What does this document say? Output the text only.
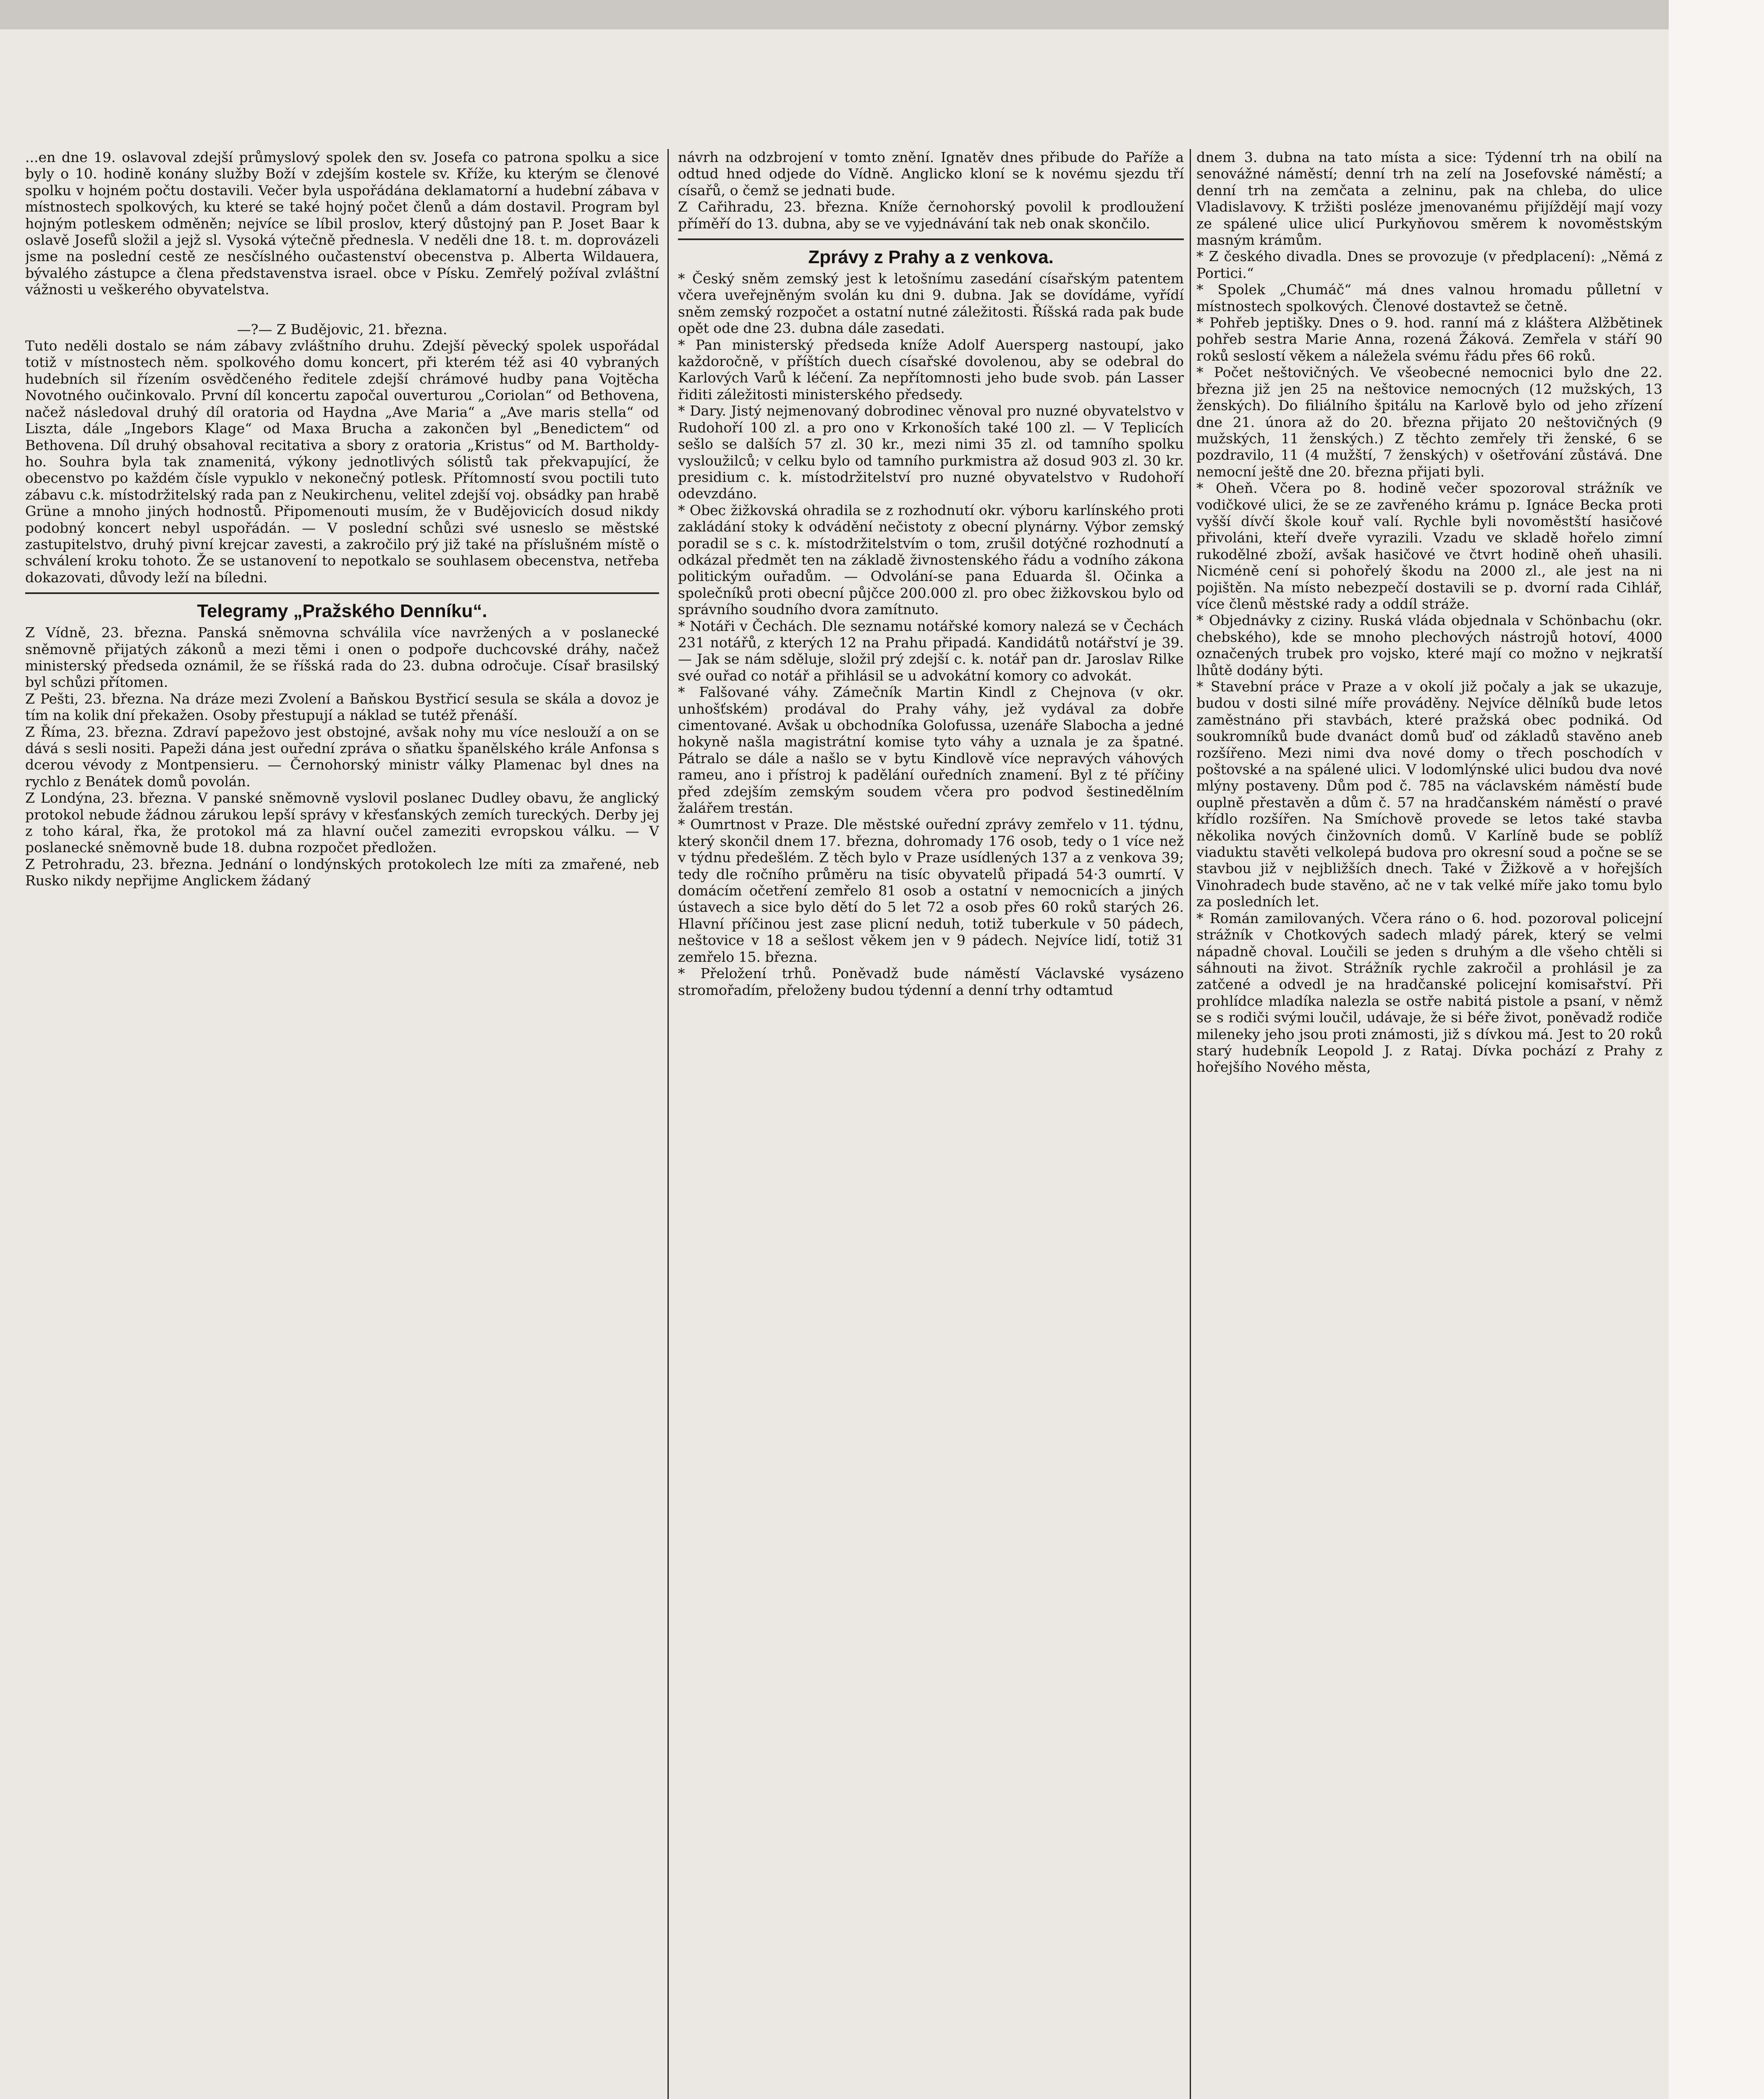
...en dne 19. oslavoval zdejší průmyslový spolek den sv. Josefa co patrona spolku a sice byly o 10. hodině konány služby Boží v zdejším kostele sv. Kříže, ku kterým se členové spolku v hojném počtu dostavili. Večer byla uspořádána deklamatorní a hudební zábava v místnostech spolkových, ku které se také hojný počet členů a dám dostavil. Program byl hojným potleskem odměněn; nejvíce se líbil proslov, který důstojný pan P. Joset Baar k oslavě Josefů složil a jejž sl. Vysoká výtečně přednesla. V neděli dne 18. t. m. doprovázeli jsme na poslední cestě ze nesčíslného oučastenství obecenstva p. Alberta Wildauera, bývalého zástupce a člena představenstva israel. obce v Písku. Zemřelý požíval zvláštní vážnosti u veškerého obyvatelstva.

—?— Z Budějovic, 21. března.

Tuto neděli dostalo se nám zábavy zvláštního druhu. Zdejší pěvecký spolek uspořádal totiž v místnostech něm. spolkového domu koncert, při kterém též asi 40 vybraných hudebních sil řízením osvědčeného ředitele zdejší chrámové hudby pana Vojtěcha Novotného oučinkovalo. První díl koncertu započal ouverturou „Coriolan“ od Bethovena, načež následoval druhý díl oratoria od Haydna „Ave Maria“ a „Ave maris stella“ od Liszta, dále „Ingebors Klage“ od Maxa Brucha a zakončen byl „Benedictem“ od Bethovena. Díl druhý obsahoval recitativa a sbory z oratoria „Kristus“ od M. Bartholdy-ho. Souhra byla tak znamenitá, výkony jednotlivých sólistů tak překvapující, že obecenstvo po každém čísle vypuklo v nekonečný potlesk. Přítomností svou poctili tuto zábavu c.k. místodržitelský rada pan z Neukirchenu, velitel zdejší voj. obsádky pan hrabě Grüne a mnoho jiných hodnostů. Připomenouti musím, že v Budějovicích dosud nikdy podobný koncert nebyl uspořádán. — V poslední schůzi své usneslo se městské zastupitelstvo, druhý pivní krejcar zavesti, a zakročilo prý již také na příslušném místě o schválení kroku tohoto. Že se ustanovení to nepotkalo se souhlasem obecenstva, netřeba dokazovati, důvody leží na bíledni.

Telegramy „Pražského Denníku“.

Z Vídně, 23. března. Panská sněmovna schválila více navržených a v poslanecké sněmovně přijatých zákonů a mezi těmi i onen o podpoře duchcovské dráhy, načež ministerský předseda oznámil, že se říšská rada do 23. dubna odročuje. Císař brasilský byl schůzi přítomen.

Z Pešti, 23. března. Na dráze mezi Zvolení a Baňskou Bystřicí sesula se skála a dovoz je tím na kolik dní překažen. Osoby přestupují a náklad se tutéž přenáší.

Z Říma, 23. března. Zdraví papežovo jest obstojné, avšak nohy mu více neslouží a on se dává s sesli nositi. Papeži dána jest ouřední zpráva o sňatku španělského krále Anfonsa s dcerou vévody z Montpensieru. — Černohorský ministr války Plamenac byl dnes na rychlo z Benátek domů povolán.

Z Londýna, 23. března. V panské sněmovně vyslovil poslanec Dudley obavu, že anglický protokol nebude žádnou zárukou lepší správy v křesťanských zemích tureckých. Derby jej z toho káral, řka, že protokol má za hlavní oučel zameziti evropskou válku. — V poslanecké sněmovně bude 18. dubna rozpočet předložen.

Z Petrohradu, 23. března. Jednání o londýnských protokolech lze míti za zmařené, neb Rusko nikdy nepřijme Anglickem žádaný

návrh na odzbrojení v tomto znění. Ignatěv dnes přibude do Paříže a odtud hned odjede do Vídně. Anglicko kloní se k novému sjezdu tří císařů, o čemž se jednati bude.

Z Cařihradu, 23. března. Kníže černohorský povolil k prodloužení příměří do 13. dubna, aby se ve vyjednávání tak neb onak skončilo.

Zprávy z Prahy a z venkova.

* Český sněm zemský jest k letošnímu zasedání císařským patentem včera uveřejněným svolán ku dni 9. dubna. Jak se dovídáme, vyřídí sněm zemský rozpočet a ostatní nutné záležitosti. Říšská rada pak bude opět ode dne 23. dubna dále zasedati.

* Pan ministerský předseda kníže Adolf Auersperg nastoupí, jako každoročně, v příštích duech císařské dovolenou, aby se odebral do Karlových Varů k léčení. Za nepřítomnosti jeho bude svob. pán Lasser řiditi záležitosti ministerského předsedy.

* Dary. Jistý nejmenovaný dobrodinec věnoval pro nuzné obyvatelstvo v Rudohoří 100 zl. a pro ono v Krkonoších také 100 zl. — V Teplicích sešlo se dalších 57 zl. 30 kr., mezi nimi 35 zl. od tamního spolku vysloužilců; v celku bylo od tamního purkmistra až dosud 903 zl. 30 kr. presidium c. k. místodržitelství pro nuzné obyvatelstvo v Rudohoří odevzdáno.

* Obec žižkovská ohradila se z rozhodnutí okr. výboru karlínského proti zakládání stoky k odvádění nečistoty z obecní plynárny. Výbor zemský poradil se s c. k. místodržitelstvím o tom, zrušil dotýčné rozhodnutí a odkázal předmět ten na základě živnostenského řádu a vodního zákona politickým ouřadům. — Odvolání-se pana Eduarda šl. Očinka a společníků proti obecní půjčce 200.000 zl. pro obec žižkovskou bylo od správního soudního dvora zamítnuto.

* Notáři v Čechách. Dle seznamu notářské komory nalezá se v Čechách 231 notářů, z kterých 12 na Prahu připadá. Kandidátů notářství je 39. — Jak se nám sděluje, složil prý zdejší c. k. notář pan dr. Jaroslav Rilke své ouřad co notář a přihlásil se u advokátní komory co advokát.

* Falšované váhy. Zámečník Martin Kindl z Chejnova (v okr. unhošťském) prodával do Prahy váhy, jež vydával za dobře cimentované. Avšak u obchodníka Golofussa, uzenáře Slabocha a jedné hokyně našla magistrátní komise tyto váhy a uznala je za špatné. Pátralo se dále a našlo se v bytu Kindlově více nepravých váhových rameu, ano i přístroj k padělání ouředních znamení. Byl z té příčiny před zdejším zemským soudem včera pro podvod šestinedělním žalářem trestán.

* Oumrtnost v Praze. Dle městské ouřední zprávy zemřelo v 11. týdnu, který skončil dnem 17. března, dohromady 176 osob, tedy o 1 více než v týdnu předešlém. Z těch bylo v Praze usídlených 137 a z venkova 39; tedy dle ročního průměru na tisíc obyvatelů připadá 54·3 oumrtí. V domácím očetření zemřelo 81 osob a ostatní v nemocnicích a jiných ústavech a sice bylo dětí do 5 let 72 a osob přes 60 roků starých 26. Hlavní příčinou jest zase plicní neduh, totiž tuberkule v 50 pádech, neštovice v 18 a sešlost věkem jen v 9 pádech. Nejvíce lidí, totiž 31 zemřelo 15. března.

* Přeložení trhů. Poněvadž bude náměstí Václavské vysázeno stromořadím, přeloženy budou týdenní a denní trhy odtamtud

dnem 3. dubna na tato místa a sice: Týdenní trh na obilí na senovážné náměstí; denní trh na zelí na Josefovské náměstí; a denní trh na zemčata a zelninu, pak na chleba, do ulice Vladislavovy. K tržišti posléze jmenovanému přijíždějí mají vozy ze spálené ulice ulicí Purkyňovou směrem k novoměstským masným krámům.

* Z českého divadla. Dnes se provozuje (v předplacení): „Němá z Portici.“

* Spolek „Chumáč“ má dnes valnou hromadu půlletní v místnostech spolkových. Členové dostavtež se četně.

* Pohřeb jeptišky. Dnes o 9. hod. ranní má z kláštera Alžbětinek pohřeb sestra Marie Anna, rozená Žáková. Zemřela v stáří 90 roků seslostí věkem a náležela svému řádu přes 66 roků.

* Počet neštovičných. Ve všeobecné nemocnici bylo dne 22. března již jen 25 na neštovice nemocných (12 mužských, 13 ženských). Do filiálního špitálu na Karlově bylo od jeho zřízení dne 21. února až do 20. března přijato 20 neštovičných (9 mužských, 11 ženských.) Z těchto zemřely tři ženské, 6 se pozdravilo, 11 (4 mužští, 7 ženských) v ošetřování zůstává. Dne nemocní ještě dne 20. března přijati byli.

* Oheň. Včera po 8. hodině večer spozoroval strážník ve vodičkové ulici, že se ze zavřeného krámu p. Ignáce Becka proti vyšší dívčí škole kouř valí. Rychle byli novoměstští hasičové přivoláni, kteří dveře vyrazili. Vzadu ve skladě hořelo zimní rukodělné zboží, avšak hasičové ve čtvrt hodině oheň uhasili. Nicméně cení si pohořelý škodu na 2000 zl., ale jest na ni pojištěn. Na místo nebezpečí dostavili se p. dvorní rada Cihlář, více členů městské rady a oddíl stráže.

* Objednávky z ciziny. Ruská vláda objednala v Schönbachu (okr. chebského), kde se mnoho plechových nástrojů hotoví, 4000 označených trubek pro vojsko, které mají co možno v nejkratší lhůtě dodány býti.

* Stavební práce v Praze a v okolí již počaly a jak se ukazuje, budou v dosti silné míře prováděny. Nejvíce dělníků bude letos zaměstnáno při stavbách, které pražská obec podniká. Od soukromníků bude dvanáct domů buď od základů stavěno aneb rozšířeno. Mezi nimi dva nové domy o třech poschodích v poštovské a na spálené ulici. V lodomlýnské ulici budou dva nové mlýny postaveny. Dům pod č. 785 na václavském náměstí bude ouplně přestavěn a dům č. 57 na hradčanském náměstí o pravé křídlo rozšířen. Na Smíchově provede se letos také stavba několika nových činžovních domů. V Karlíně bude se poblíž viaduktu stavěti velkolepá budova pro okresní soud a počne se se stavbou již v nejbližších dnech. Také v Žižkově a v hořejších Vinohradech bude stavěno, ač ne v tak velké míře jako tomu bylo za posledních let.

* Román zamilovaných. Včera ráno o 6. hod. pozoroval policejní strážník v Chotkových sadech mladý párek, který se velmi nápadně choval. Loučili se jeden s druhým a dle všeho chtěli si sáhnouti na život. Strážník rychle zakročil a prohlásil je za zatčené a odvedl je na hradčanské policejní komisařství. Při prohlídce mladíka nalezla se ostře nabitá pistole a psaní, v němž se s rodiči svými loučil, udávaje, že si béře život, poněvadž rodiče mileneky jeho jsou proti známosti, již s dívkou má. Jest to 20 roků starý hudebník Leopold J. z Rataj. Dívka pochází z Prahy z hořejšího Nového města,
